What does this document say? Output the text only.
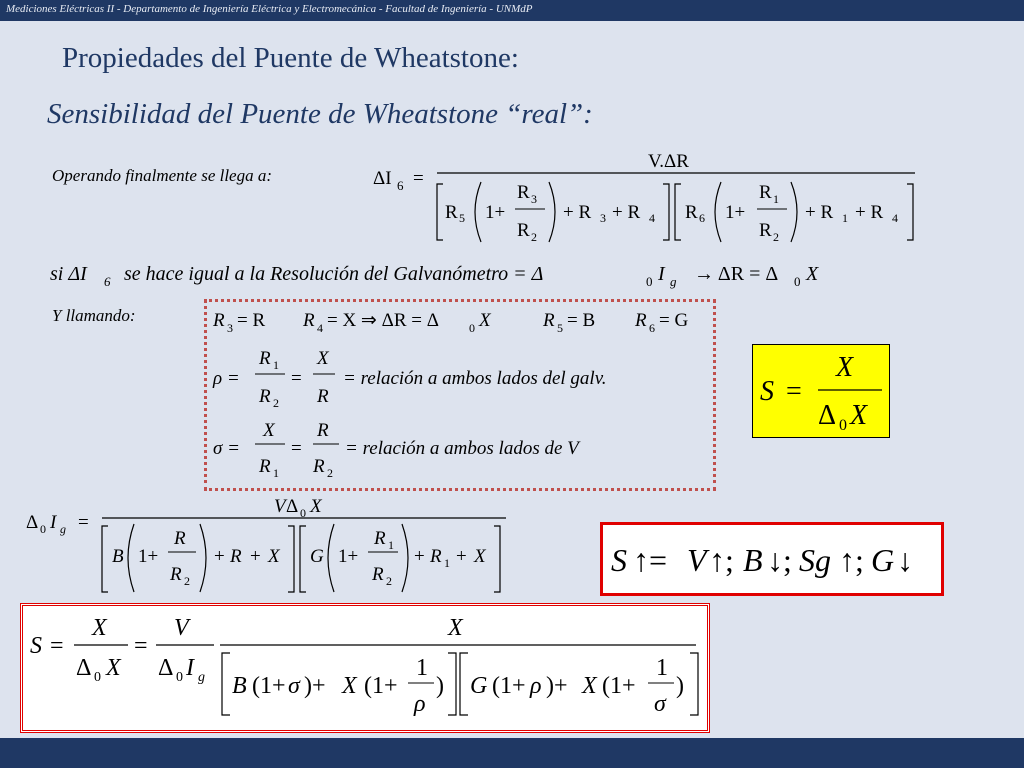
Mediciones Eléctricas II - Departamento de Ingeniería Eléctrica y Electromecánica - Facultad de Ingeniería - UNMdP
Propiedades del Puente de Wheatstone:
Sensibilidad del Puente de Wheatstone “real”:
Operando finalmente se llega a:
Y llamando:
ΔI 6 =
V.ΔR
R 5 1+
R 3
R 2
+ R 3 + R 4 R 6 1+
R 1
R 2
+ R 1 + R 4
si ΔI 6 se hace igual a la Resolución del Galvanómetro = Δ	0 I g → ΔR = Δ 0 X
R 3 = R R 4 = X ⇒ ΔR = Δ	0 X	R 5 = B R 6 = G
ρ =
R 1
R 2
=
X
R
= relación a ambos lados del galv.
σ =
X
R 1
=
R
R 2
= relación a ambos lados de V
S =
X
Δ 0 X
Δ 0 I g =
V Δ 0 X
B 1+
R
R 2
+ R + X G 1+
R 1
R 2
+ R 1 + X	S ↑= V ↑; B ↓; Sg ↑; G ↓
S =
X
Δ 0 X
=
V
Δ 0 I g
X
B (1+ σ )+ X (1+
1
ρ
) G (1+ ρ )+ X (1+
1
σ
)
